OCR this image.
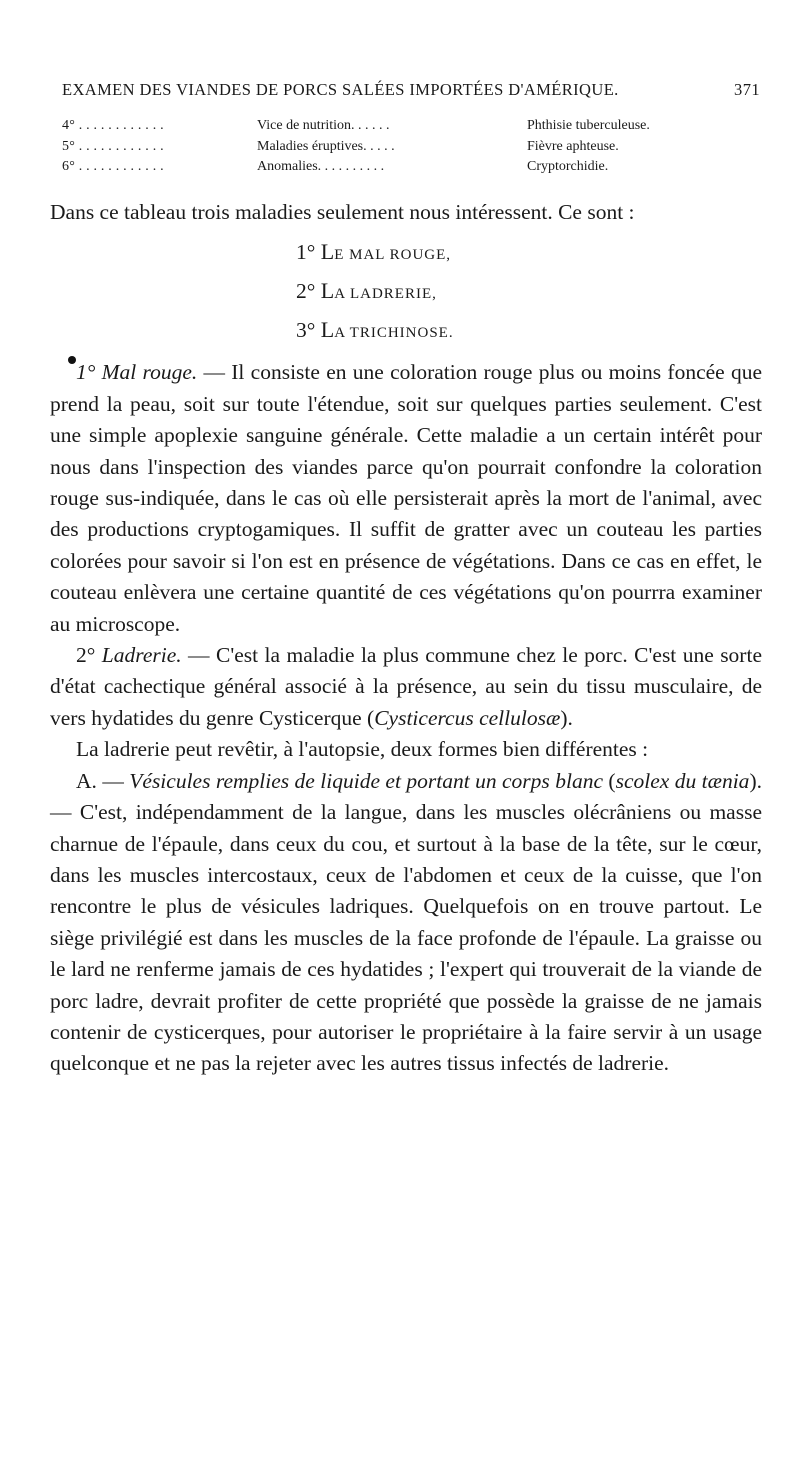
EXAMEN DES VIANDES DE PORCS SALÉES IMPORTÉES D'AMÉRIQUE.	371
4° . . . . . . . . . . . .	Vice de nutrition. . . . . .	Phthisie tuberculeuse.
5° . . . . . . . . . . . .	Maladies éruptives. . . . .	Fièvre aphteuse.
6° . . . . . . . . . . . .	Anomalies. . . . . . . . . .	Cryptorchidie.

Dans ce tableau trois maladies seulement nous intéressent. Ce sont :

1° LE MAL ROUGE,

2° LA LADRERIE,

3° LA TRICHINOSE.

1° Mal rouge. — Il consiste en une coloration rouge plus ou moins foncée que prend la peau, soit sur toute l'étendue, soit sur quelques parties seulement. C'est une simple apoplexie sanguine générale. Cette maladie a un certain intérêt pour nous dans l'inspection des viandes parce qu'on pourrait confondre la coloration rouge sus-indiquée, dans le cas où elle persisterait après la mort de l'animal, avec des productions cryptogamiques. Il suffit de gratter avec un couteau les parties colorées pour savoir si l'on est en présence de végétations. Dans ce cas en effet, le couteau enlèvera une certaine quantité de ces végétations qu'on pourrra examiner au microscope.

2° Ladrerie. — C'est la maladie la plus commune chez le porc. C'est une sorte d'état cachectique général associé à la présence, au sein du tissu musculaire, de vers hydatides du genre Cysticerque (Cysticercus cellulosæ).

La ladrerie peut revêtir, à l'autopsie, deux formes bien différentes :

A. — Vésicules remplies de liquide et portant un corps blanc (scolex du tænia). — C'est, indépendamment de la langue, dans les muscles olécrâniens ou masse charnue de l'épaule, dans ceux du cou, et surtout à la base de la tête, sur le cœur, dans les muscles intercostaux, ceux de l'abdomen et ceux de la cuisse, que l'on rencontre le plus de vésicules ladriques. Quelquefois on en trouve partout. Le siège privilégié est dans les muscles de la face profonde de l'épaule. La graisse ou le lard ne renferme jamais de ces hydatides ; l'expert qui trouverait de la viande de porc ladre, devrait profiter de cette propriété que possède la graisse de ne jamais contenir de cysticerques, pour autoriser le propriétaire à la faire servir à un usage quelconque et ne pas la rejeter avec les autres tissus infectés de ladrerie.
